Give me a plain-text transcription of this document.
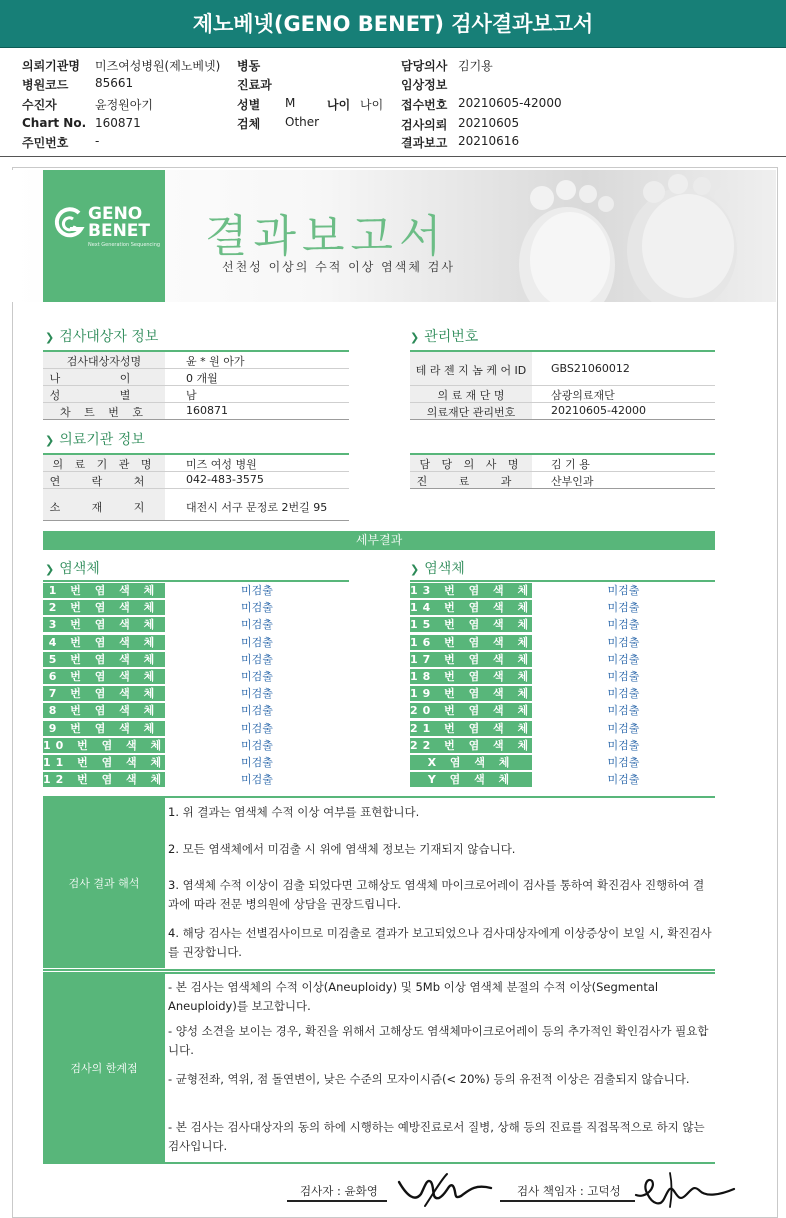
제노베넷(GENO BENET) 검사결과보고서
의뢰기관명 미즈여성병원(제노베넷)
병원코드 85661
수진자	윤정원아기
Chart No. 160871
주민번호 -
병동
진료과
성별 M	나이 나이
검체 Other
담당의사 김기용
임상정보
접수번호 20210605-42000
검사의뢰 20210605
결과보고 20210616
GENO
BENET
Next Generation Sequencing 결과보고서
선천성 이상의 수적 이상 염색체 검사
❯ 검사대상자 정보
검사대상자성명	윤 * 원 아가
나 이	0 개월
성 별	남
차 트 번 호	160871
❯ 관리번호
테 라 젠 지 놈 케 어 ID	GBS21060012
의 료 재 단 명	삼광의료재단
의료재단 관리번호	20210605-42000
❯ 의료기관 정보
의 료 기 관 명	미즈 여성 병원
연 락 처	042-483-3575
소 재 지	대전시 서구 문정로 2번길 95
담 당 의 사 명	김 기 용
진 료 과	산부인과
세부결과
❯ 염색체	❯ 염색체
1 번 염 색 체	미검출
2 번 염 색 체	미검출
3 번 염 색 체	미검출
4 번 염 색 체	미검출
5 번 염 색 체	미검출
6 번 염 색 체	미검출
7 번 염 색 체	미검출
8 번 염 색 체	미검출
9 번 염 색 체	미검출
10 번 염 색 체	미검출
11 번 염 색 체	미검출
12 번 염 색 체	미검출
13 번 염 색 체	미검출
14 번 염 색 체	미검출
15 번 염 색 체	미검출
16 번 염 색 체	미검출
17 번 염 색 체	미검출
18 번 염 색 체	미검출
19 번 염 색 체	미검출
20 번 염 색 체	미검출
21 번 염 색 체	미검출
22 번 염 색 체	미검출
X 염 색 체	미검출
Y 염 색 체	미검출
검사 결과 해석
1. 위 결과는 염색체 수적 이상 여부를 표현합니다.
2. 모든 염색체에서 미검출 시 위에 염색체 정보는 기재되지 않습니다.
3. 염색체 수적 이상이 검출 되었다면 고해상도 염색체 마이크로어레이 검사를 통하여 확진검사 진행하여 결과에 따라 전문 병의원에 상담을 권장드립니다.
4. 해당 검사는 선별검사이므로 미검출로 결과가 보고되었으나 검사대상자에게 이상증상이 보일 시, 확진검사를 권장합니다.
검사의 한계점
- 본 검사는 염색체의 수적 이상(Aneuploidy) 및 5Mb 이상 염색체 분절의 수적 이상(Segmental Aneuploidy)를 보고합니다.
- 양성 소견을 보이는 경우, 확진을 위해서 고해상도 염색체마이크로어레이 등의 추가적인 확인검사가 필요합니다.
- 균형전좌, 역위, 점 돌연변이, 낮은 수준의 모자이시즘(< 20%) 등의 유전적 이상은 검출되지 않습니다.
- 본 검사는 검사대상자의 동의 하에 시행하는 예방진료로서 질병, 상해 등의 진료를 직접목적으로 하지 않는 검사입니다.
검사자 : 윤화영	검사 책임자 : 고덕성
